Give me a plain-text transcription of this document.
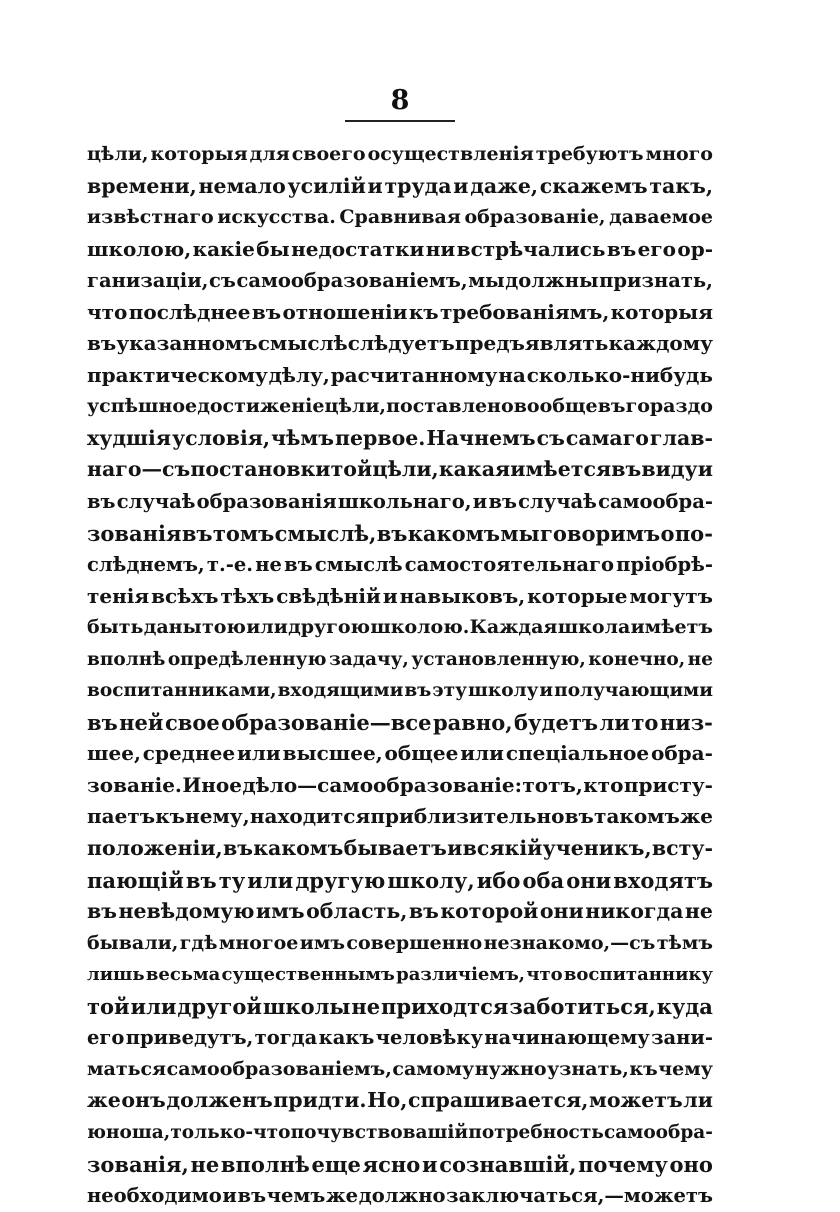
8
цѣли, которыя для своего осуществленія требуютъ много
времени, немало усилій и труда и даже, скажемъ такъ,
извѣстнаго искусства. Сравнивая образованіе, даваемое
школою, какіе бы недостатки ни встрѣчались въ его ор-
ганизаціи, съ самообразованіемъ, мы должны признать,
что послѣднее въ отношеніи къ требованіямъ, которыя
въ указанномъ смыслѣ слѣдуетъ предъявлять каждому
практическому дѣлу, расчитанному на сколько-нибудь
успѣшное достиженіе цѣли, поставлено вообще въ гораздо
худшія условія, чѣмъ первое. Начнемъ съ самаго глав-
наго—съ постановки той цѣли, какая имѣется въ виду и
въ случаѣ образованія школьнаго, и въ случаѣ самообра-
зованія въ томъ смыслѣ, въ какомъ мы говоримъ о по-
слѣднемъ, т.-е. не въ смыслѣ самостоятельнаго пріобрѣ-
тенія всѣхъ тѣхъ свѣдѣній и навыковъ, которые могутъ
быть даны тою или другою школою. Каждая школа имѣетъ
вполнѣ опредѣленную задачу, установленную, конечно, не
воспитанниками, входящими въ эту школу и получающими
въ ней свое образованіе—все равно, будетъ ли то низ-
шее, среднее или высшее, общее или спеціальное обра-
зованіе. Иное дѣло—самообразованіе: тотъ, кто присту-
паетъ къ нему, находится приблизительно въ такомъ же
положеніи, въ какомъ бываетъ и всякій ученикъ, всту-
пающій въ ту или другую школу, ибо оба они входятъ
въ невѣдомую имъ область, въ которой они никогда не
бывали, гдѣ многое имъ совершенно незнакомо,—съ тѣмъ
лишь весьма существеннымъ различіемъ, что воспитаннику
той или другой школы не приходтся заботиться, куда
его приведутъ, тогда какъ человѣку начинающему зани-
маться самообразованіемъ, самому нужно узнать, къ чему
же онъ долженъ придти. Но, спрашивается, можетъ ли
юноша, только-что почувствовашій потребность самообра-
зованія, не вполнѣ еще ясно и сознавшій, почему оно
необходимо и въ чемъ же должно заключаться,—можетъ
